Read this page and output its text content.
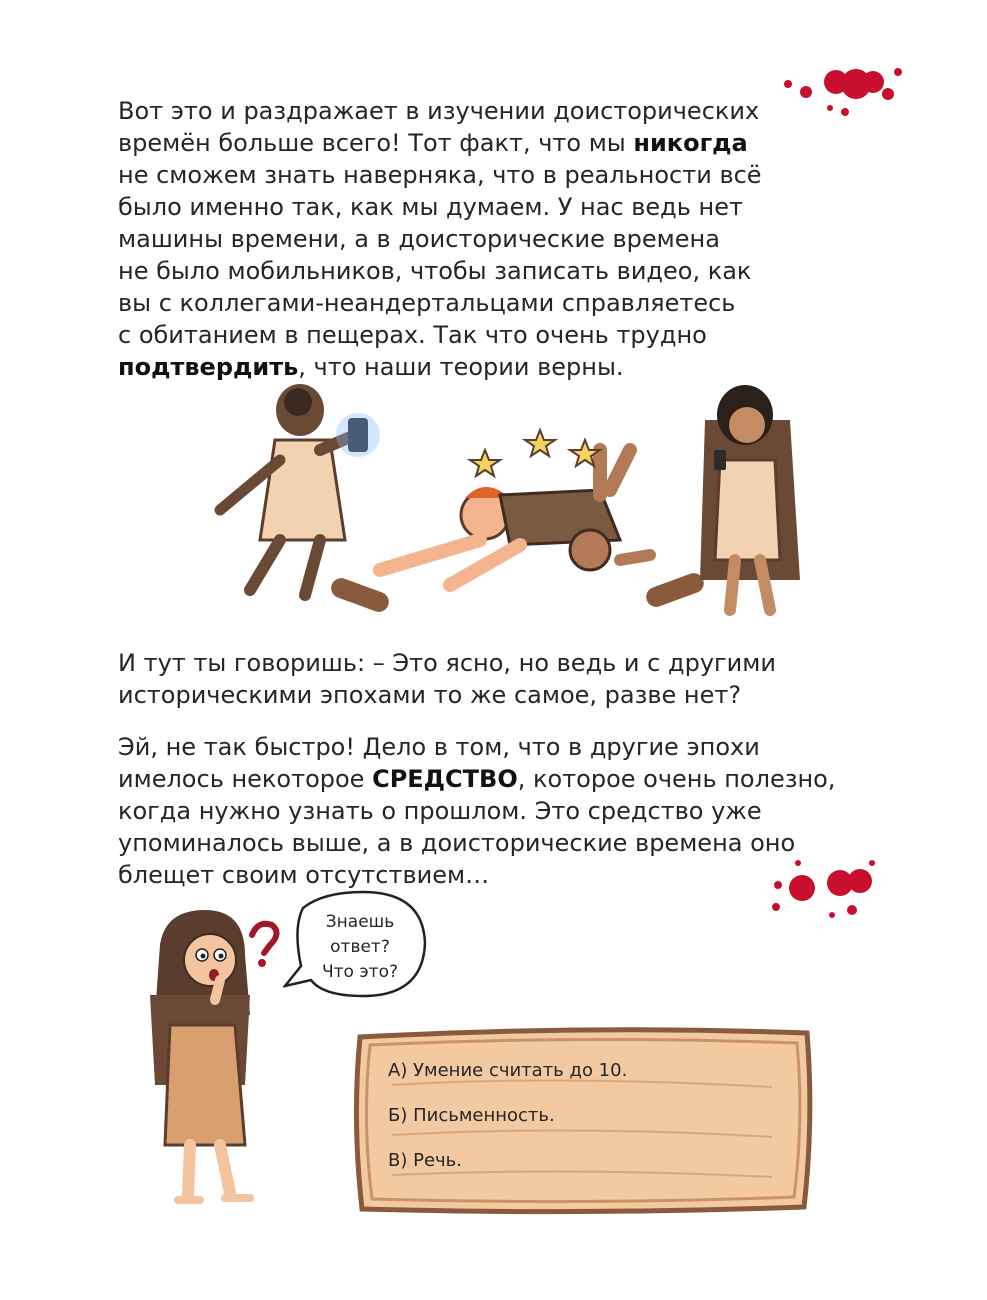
Вот это и раздражает в изучении доисторических
времён больше всего! Тот факт, что мы никогда
не сможем знать наверняка, что в реальности всё
было именно так, как мы думаем. У нас ведь нет
машины времени, а в доисторические времена
не было мобильников, чтобы записать видео, как
вы с коллегами-неандертальцами справляетесь
с обитанием в пещерах. Так что очень трудно
подтвердить, что наши теории верны.
И тут ты говоришь: – Это ясно, но ведь и с другими
историческими эпохами то же самое, разве нет?
Эй, не так быстро! Дело в том, что в другие эпохи
имелось некоторое СРЕДСТВО, которое очень полезно,
когда нужно узнать о прошлом. Это средство уже
упоминалось выше, а в доисторические времена оно
блещет своим отсутствием…
Знаешь
ответ?
Что это?
А) Умение считать до 10.
Б) Письменность.
В) Речь.
